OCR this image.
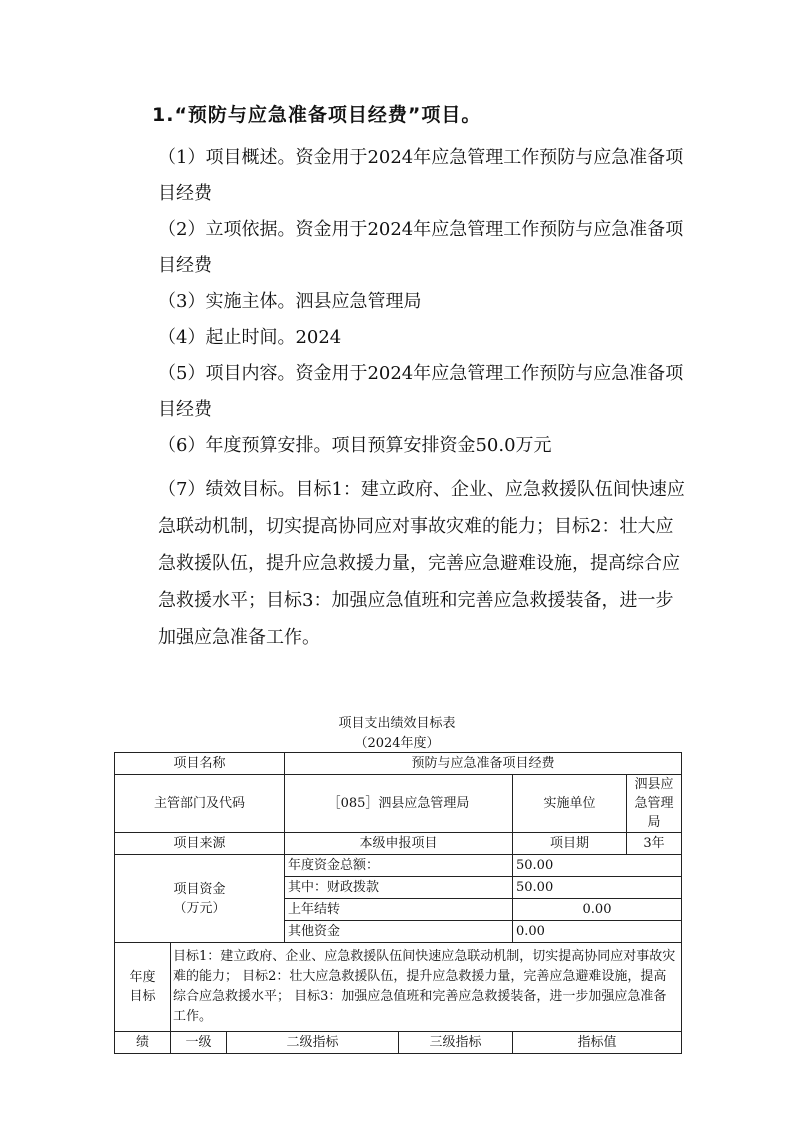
1.“预防与应急准备项目经费”项目。
（1）项目概述。资金用于2024年应急管理工作预防与应急准备项目经费
（2）立项依据。资金用于2024年应急管理工作预防与应急准备项目经费
（3）实施主体。泗县应急管理局
（4）起止时间。2024
（5）项目内容。资金用于2024年应急管理工作预防与应急准备项目经费
（6）年度预算安排。项目预算安排资金50.0万元
（7）绩效目标。目标1：建立政府、企业、应急救援队伍间快速应急联动机制，切实提高协同应对事故灾难的能力；目标2：壮大应急救援队伍，提升应急救援力量，完善应急避难设施，提高综合应急救援水平；目标3：加强应急值班和完善应急救援装备，进一步加强应急准备工作。
项目支出绩效目标表
（2024年度）
项目名称			预防与应急准备项目经费			
主管部门及代码			［085］泗县应急管理局		实施单位	泗县应急管理局
项目来源			本级申报项目		项目期	3年

项目资金
（万元）			年度资金总额：		50.00	
			其中：财政拨款		50.00	
			上年结转		0.00	
			其他资金		0.00	

年度
目标	目标1：建立政府、企业、应急救援队伍间快速应急联动机制，切实提高协同应对事故灾难的能力； 目标2：壮大应急救援队伍，提升应急救援力量，完善应急避难设施，提高综合应急救援水平； 目标3：加强应急值班和完善应急救援装备，进一步加强应急准备工作。					
绩	一级	二级指标		三级指标	指标值	
